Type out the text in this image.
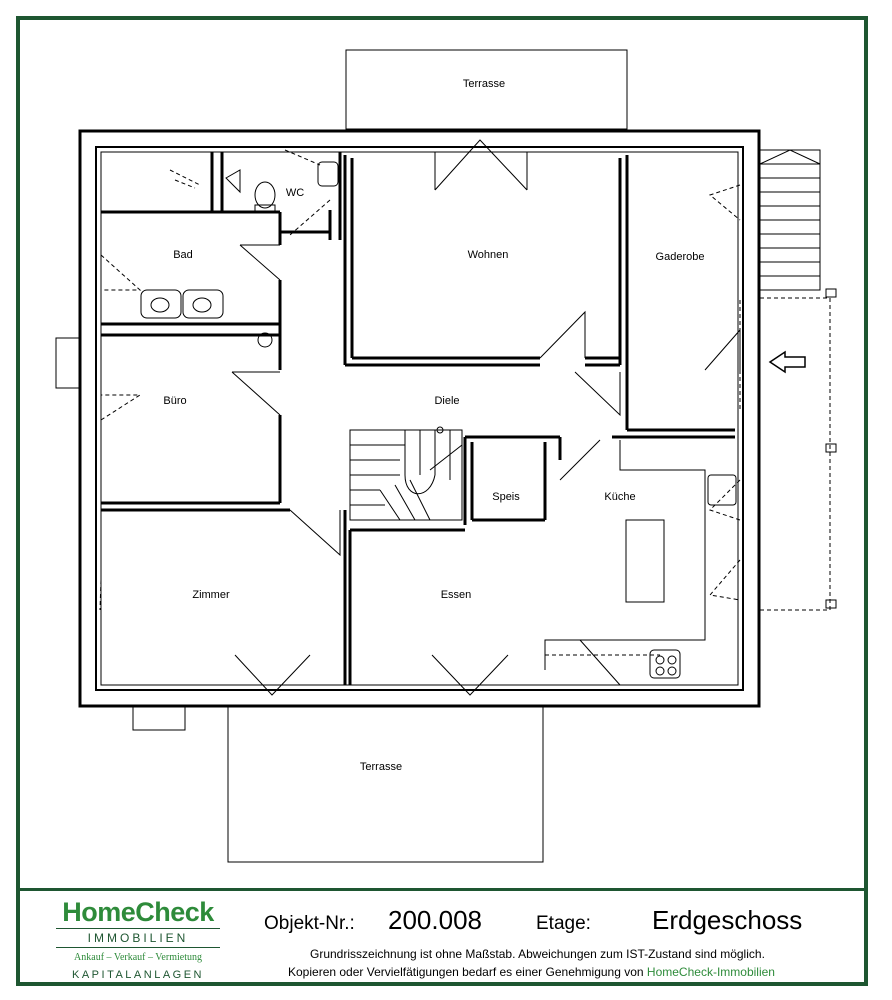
Terrasse
WC
Wohnen
Bad	Gaderobe
Büro	Diele
Speis	Küche
Zimmer	Essen
Terrasse
HomeCheck
IMMOBILIEN
Ankauf – Verkauf – Vermietung
KAPITALANLAGEN
Objekt-Nr.: 200.008	Etage: Erdgeschoss
Grundrisszeichnung ist ohne Maßstab. Abweichungen zum IST-Zustand sind möglich.
Kopieren oder Vervielfätigungen bedarf es einer Genehmigung von HomeCheck-Immobilien
